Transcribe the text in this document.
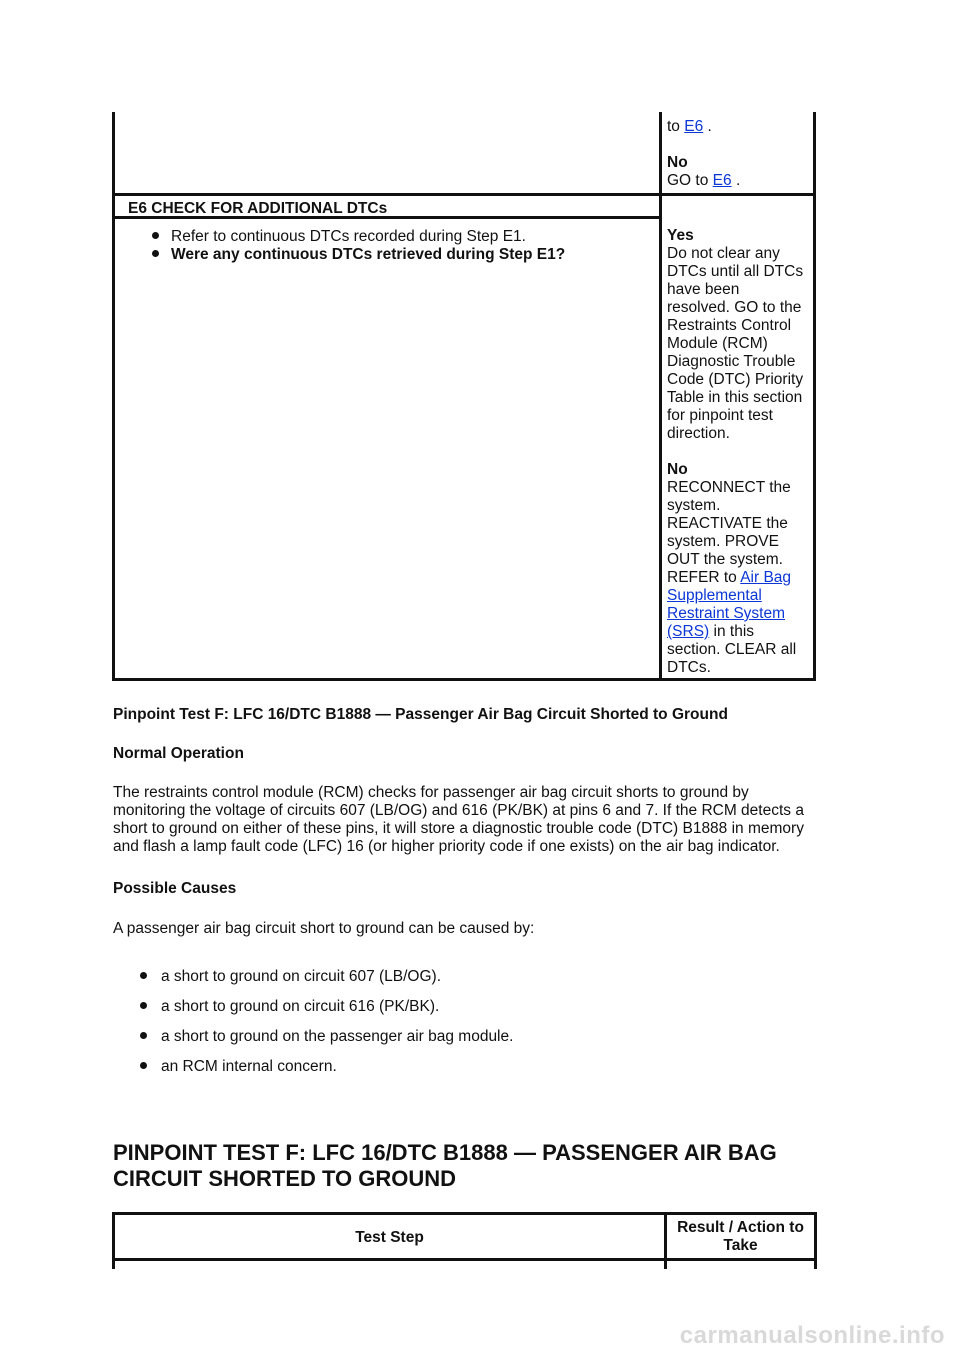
to E6 .
No
GO to E6 .
E6 CHECK FOR ADDITIONAL DTCs
Refer to continuous DTCs recorded during Step E1.
Were any continuous DTCs retrieved during Step E1?
Yes
Do not clear any
DTCs until all DTCs
have been
resolved. GO to the
Restraints Control
Module (RCM)
Diagnostic Trouble
Code (DTC) Priority
Table in this section
for pinpoint test
direction.
No
RECONNECT the
system.
REACTIVATE the
system. PROVE
OUT the system.
REFER to Air Bag
Supplemental
Restraint System
(SRS) in this
section. CLEAR all
DTCs.
Pinpoint Test F: LFC 16/DTC B1888 — Passenger Air Bag Circuit Shorted to Ground
Normal Operation
The restraints control module (RCM) checks for passenger air bag circuit shorts to ground by
monitoring the voltage of circuits 607 (LB/OG) and 616 (PK/BK) at pins 6 and 7. If the RCM detects a
short to ground on either of these pins, it will store a diagnostic trouble code (DTC) B1888 in memory
and flash a lamp fault code (LFC) 16 (or higher priority code if one exists) on the air bag indicator.
Possible Causes
A passenger air bag circuit short to ground can be caused by:
a short to ground on circuit 607 (LB/OG).
a short to ground on circuit 616 (PK/BK).
a short to ground on the passenger air bag module.
an RCM internal concern.
PINPOINT TEST F: LFC 16/DTC B1888 — PASSENGER AIR BAG
CIRCUIT SHORTED TO GROUND
Test Step
Result / Action to
Take
carmanualsonline.info
